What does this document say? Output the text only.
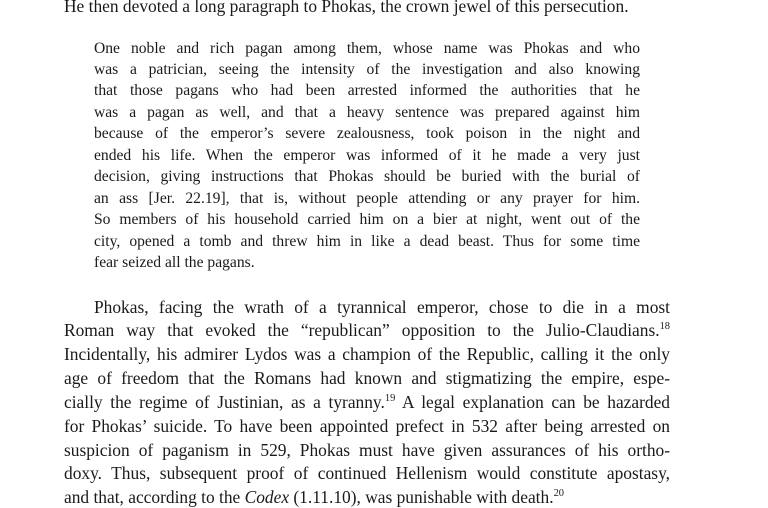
He then devoted a long paragraph to Phokas, the crown jewel of this persecution.

One noble and rich pagan among them, whose name was Phokas and who

was a patrician, seeing the intensity of the investigation and also knowing

that those pagans who had been arrested informed the authorities that he

was a pagan as well, and that a heavy sentence was prepared against him

because of the emperor’s severe zealousness, took poison in the night and

ended his life. When the emperor was informed of it he made a very just

decision, giving instructions that Phokas should be buried with the burial of

an ass [Jer. 22.19], that is, without people attending or any prayer for him.

So members of his household carried him on a bier at night, went out of the

city, opened a tomb and threw him in like a dead beast. Thus for some time

fear seized all the pagans.

Phokas, facing the wrath of a tyrannical emperor, chose to die in a most

Roman way that evoked the “republican” opposition to the Julio-Claudians.$^{18}$

Incidentally, his admirer Lydos was a champion of the Republic, calling it the only

age of freedom that the Romans had known and stigmatizing the empire, espe-

cially the regime of Justinian, as a tyranny.$^{19}$ A legal explanation can be hazarded

for Phokas’ suicide. To have been appointed prefect in 532 after being arrested on

suspicion of paganism in 529, Phokas must have given assurances of his ortho-

doxy. Thus, subsequent proof of continued Hellenism would constitute apostasy,

and that, according to the Codex (1.11.10), was punishable with death.$^{20}$
